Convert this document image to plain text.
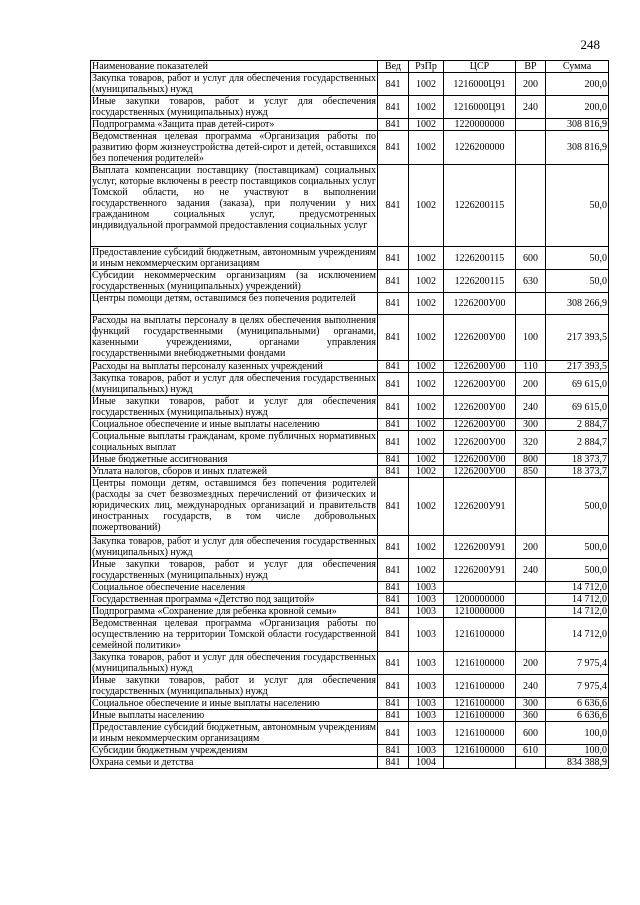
248
Наименование показателей	Вед	РзПр	ЦСР	ВР	Сумма
Закупка товаров, работ и услуг для обеспечения государственных (муниципальных) нужд	841	1002	1216000Ц91	200	200,0
Иные закупки товаров, работ и услуг для обеспечения государственных (муниципальных) нужд	841	1002	1216000Ц91	240	200,0
Подпрограмма «Защита прав детей-сирот»	841	1002	1220000000		308 816,9
Ведомственная целевая программа «Организация работы по развитию форм жизнеустройства детей-сирот и детей, оставшихся без попечения родителей»	841	1002	1226200000		308 816,9
Выплата компенсации поставщику (поставщикам) социальных услуг, которые включены в реестр поставщиков социальных услуг Томской области, но не участвуют в выполнении государственного задания (заказа), при получении у них гражданином социальных услуг, предусмотренных индивидуальной программой предоставления социальных услуг	841	1002	1226200115		50,0
Предоставление субсидий бюджетным, автономным учреждениям и иным некоммерческим организациям	841	1002	1226200115	600	50,0
Субсидии некоммерческим организациям (за исключением государственных (муниципальных) учреждений)	841	1002	1226200115	630	50,0
Центры помощи детям, оставшимся без попечения родителей	841	1002	1226200У00		308 266,9
Расходы на выплаты персоналу в целях обеспечения выполнения функций государственными (муниципальными) органами, казенными учреждениями, органами управления государственными внебюджетными фондами	841	1002	1226200У00	100	217 393,5
Расходы на выплаты персоналу казенных учреждений	841	1002	1226200У00	110	217 393,5
Закупка товаров, работ и услуг для обеспечения государственных (муниципальных) нужд	841	1002	1226200У00	200	69 615,0
Иные закупки товаров, работ и услуг для обеспечения государственных (муниципальных) нужд	841	1002	1226200У00	240	69 615,0
Социальное обеспечение и иные выплаты населению	841	1002	1226200У00	300	2 884,7
Социальные выплаты гражданам, кроме публичных нормативных социальных выплат	841	1002	1226200У00	320	2 884,7
Иные бюджетные ассигнования	841	1002	1226200У00	800	18 373,7
Уплата налогов, сборов и иных платежей	841	1002	1226200У00	850	18 373,7
Центры помощи детям, оставшимся без попечения родителей (расходы за счет безвозмездных перечислений от физических и юридических лиц, международных организаций и правительств иностранных государств, в том числе добровольных пожертвований)	841	1002	1226200У91		500,0
Закупка товаров, работ и услуг для обеспечения государственных (муниципальных) нужд	841	1002	1226200У91	200	500,0
Иные закупки товаров, работ и услуг для обеспечения государственных (муниципальных) нужд	841	1002	1226200У91	240	500,0
Социальное обеспечение населения	841	1003			14 712,0
Государственная программа «Детство под защитой»	841	1003	1200000000		14 712,0
Подпрограмма «Сохранение для ребенка кровной семьи»	841	1003	1210000000		14 712,0
Ведомственная целевая программа «Организация работы по осуществлению на территории Томской области государственной семейной политики»	841	1003	1216100000		14 712,0
Закупка товаров, работ и услуг для обеспечения государственных (муниципальных) нужд	841	1003	1216100000	200	7 975,4
Иные закупки товаров, работ и услуг для обеспечения государственных (муниципальных) нужд	841	1003	1216100000	240	7 975,4
Социальное обеспечение и иные выплаты населению	841	1003	1216100000	300	6 636,6
Иные выплаты населению	841	1003	1216100000	360	6 636,6
Предоставление субсидий бюджетным, автономным учреждениям и иным некоммерческим организациям	841	1003	1216100000	600	100,0
Субсидии бюджетным учреждениям	841	1003	1216100000	610	100,0
Охрана семьи и детства	841	1004			834 388,9
